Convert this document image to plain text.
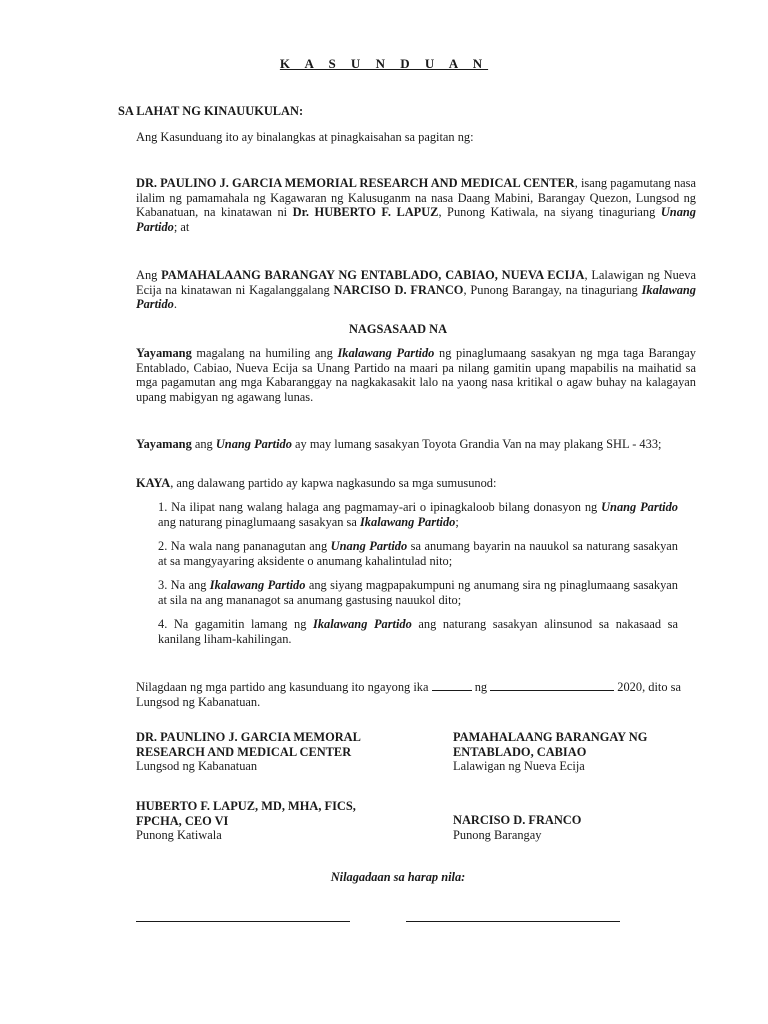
K A S U N D U A N
SA LAHAT NG KINAUUKULAN:
Ang Kasunduang ito ay binalangkas at pinagkaisahan sa pagitan ng:
DR. PAULINO J. GARCIA MEMORIAL RESEARCH AND MEDICAL CENTER, isang pagamutang nasa ilalim ng pamamahala ng Kagawaran ng Kalusuganm na nasa Daang Mabini, Barangay Quezon, Lungsod ng Kabanatuan, na kinatawan ni Dr. HUBERTO F. LAPUZ, Punong Katiwala, na siyang tinaguriang Unang Partido; at
Ang PAMAHALAANG BARANGAY NG ENTABLADO, CABIAO, NUEVA ECIJA, Lalawigan ng Nueva Ecija na kinatawan ni Kagalanggalang NARCISO D. FRANCO, Punong Barangay, na tinaguriang Ikalawang Partido.
NAGSASAAD NA
Yayamang magalang na humiling ang Ikalawang Partido ng pinaglumaang sasakyan ng mga taga Barangay Entablado, Cabiao, Nueva Ecija sa Unang Partido na maari pa nilang gamitin upang mapabilis na maihatid sa mga pagamutan ang mga Kabaranggay na nagkakasakit lalo na yaong nasa kritikal o agaw buhay na kalagayan upang mabigyan ng agawang lunas.
Yayamang ang Unang Partido ay may lumang sasakyan Toyota Grandia Van na may plakang SHL - 433;
KAYA, ang dalawang partido ay kapwa nagkasundo sa mga sumusunod:
1. Na ilipat nang walang halaga ang pagmamay-ari o ipinagkaloob bilang donasyon ng Unang Partido ang naturang pinaglumaang sasakyan sa Ikalawang Partido;
2. Na wala nang pananagutan ang Unang Partido sa anumang bayarin na nauukol sa naturang sasakyan at sa mangyayaring aksidente o anumang kahalintulad nito;
3. Na ang Ikalawang Partido ang siyang magpapakumpuni ng anumang sira ng pinaglumaang sasakyan at sila na ang mananagot sa anumang gastusing nauukol dito;
4. Na gagamitin lamang ng Ikalawang Partido ang naturang sasakyan alinsunod sa nakasaad sa kanilang liham-kahilingan.
Nilagdaan ng mga partido ang kasunduang ito ngayong ika	ng	2020, dito sa Lungsod ng Kabanatuan.
DR. PAUNLINO J. GARCIA MEMORAL RESEARCH AND MEDICAL CENTER
Lungsod ng Kabanatuan
HUBERTO F. LAPUZ, MD, MHA, FICS, FPCHA, CEO VI
Punong Katiwala
PAMAHALAANG BARANGAY NG ENTABLADO, CABIAO
Lalawigan ng Nueva Ecija
NARCISO D. FRANCO
Punong Barangay
Nilagadaan sa harap nila:
